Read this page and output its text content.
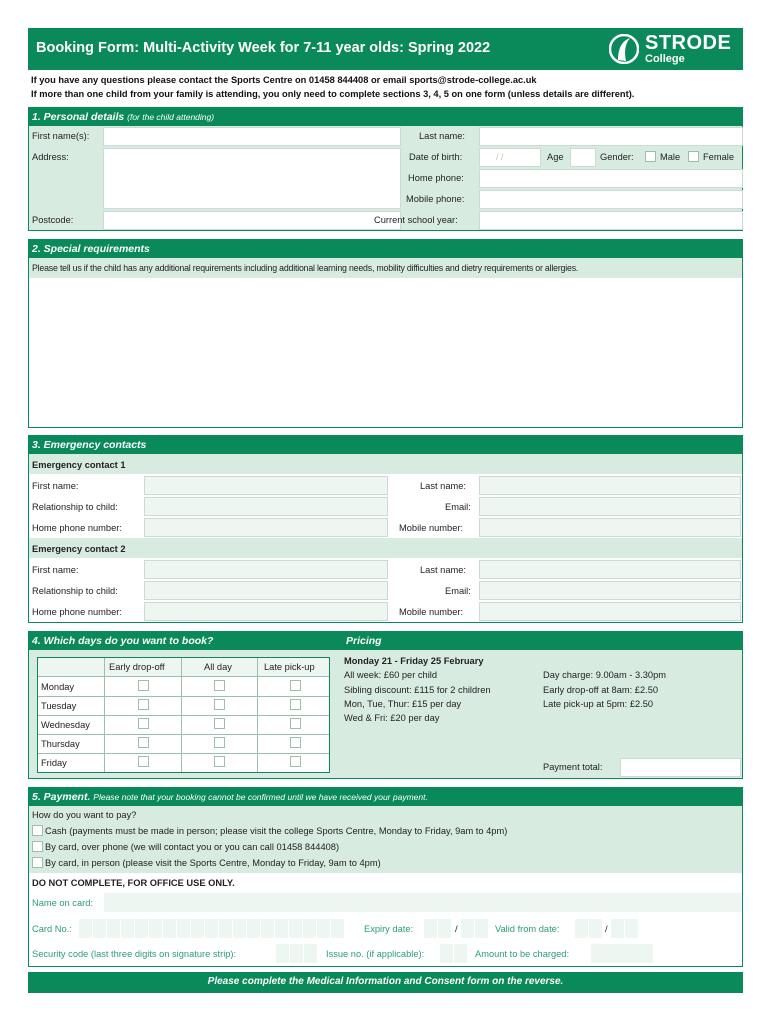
Booking Form: Multi-Activity Week for 7-11 year olds: Spring 2022	STRODE
College
If you have any questions please contact the Sports Centre on 01458 844408 or email sports@strode-college.ac.uk
If more than one child from your family is attending, you only need to complete sections 3, 4, 5 on one form (unless details are different).
1. Personal details (for the child attending)
First name(s):	Last name:
Address:	Date of birth:	/ /	Age	Gender:	Male Female
Home phone:
Mobile phone:
Postcode:	Current school year:
2. Special requirements
Please tell us if the child has any additional requirements including additional learning needs, mobility difficulties and dietry requirements or allergies.
3. Emergency contacts
Emergency contact 1
First name:	Last name:
Relationship to child:	Email:
Home phone number:	Mobile number:
Emergency contact 2
First name:	Last name:
Relationship to child:	Email:
Home phone number:	Mobile number:
4. Which days do you want to book?	Pricing
Early drop-off	All day	Late pick-up
Monday
Tuesday
Wednesday
Thursday
Friday
Monday 21 - Friday 25 February
All week: £60 per child
Sibling discount: £115 for 2 children
Mon, Tue, Thur: £15 per day
Wed & Fri: £20 per day
Day charge: 9.00am - 3.30pm
Early drop-off at 8am: £2.50
Late pick-up at 5pm: £2.50
Payment total:
5. Payment. Please note that your booking cannot be confirmed until we have received your payment.
How do you want to pay?
Cash (payments must be made in person; please visit the college Sports Centre, Monday to Friday, 9am to 4pm)
By card, over phone (we will contact you or you can call 01458 844408)
By card, in person (please visit the Sports Centre, Monday to Friday, 9am to 4pm)
DO NOT COMPLETE, FOR OFFICE USE ONLY.
Name on card:
Card No.:	Expiry date:	/	Valid from date:	/
Security code (last three digits on signature strip):	Issue no. (if applicable):	Amount to be charged:
Please complete the Medical Information and Consent form on the reverse.
